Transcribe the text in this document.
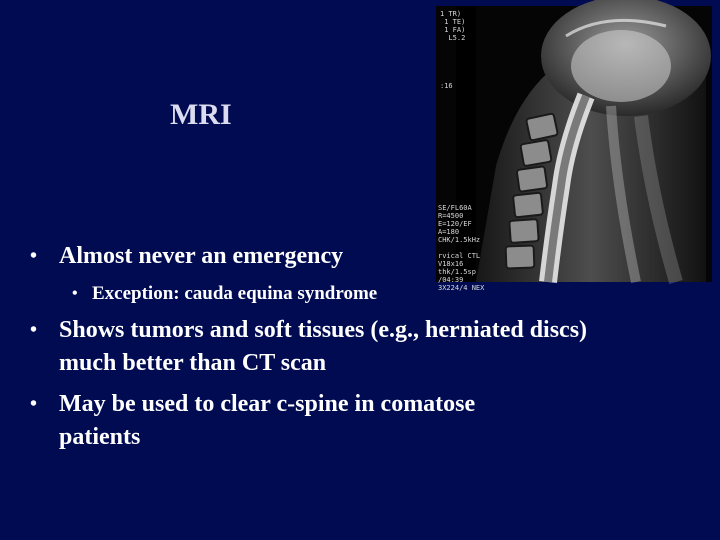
MRI
1 TR)
1 TE)
1 FA)
L5.2

:16
SE/FL60A
R=4500
E=120/EF
A=180
CHK/1.5kHz

rvical CTL
V18x16
thk/1.5sp
/04:39
3X224/4 NEX
• Almost never an emergency
• Exception: cauda equina syndrome
• Shows tumors and soft tissues (e.g., herniated discs) much better than CT scan
• May be used to clear c-spine in comatose patients
